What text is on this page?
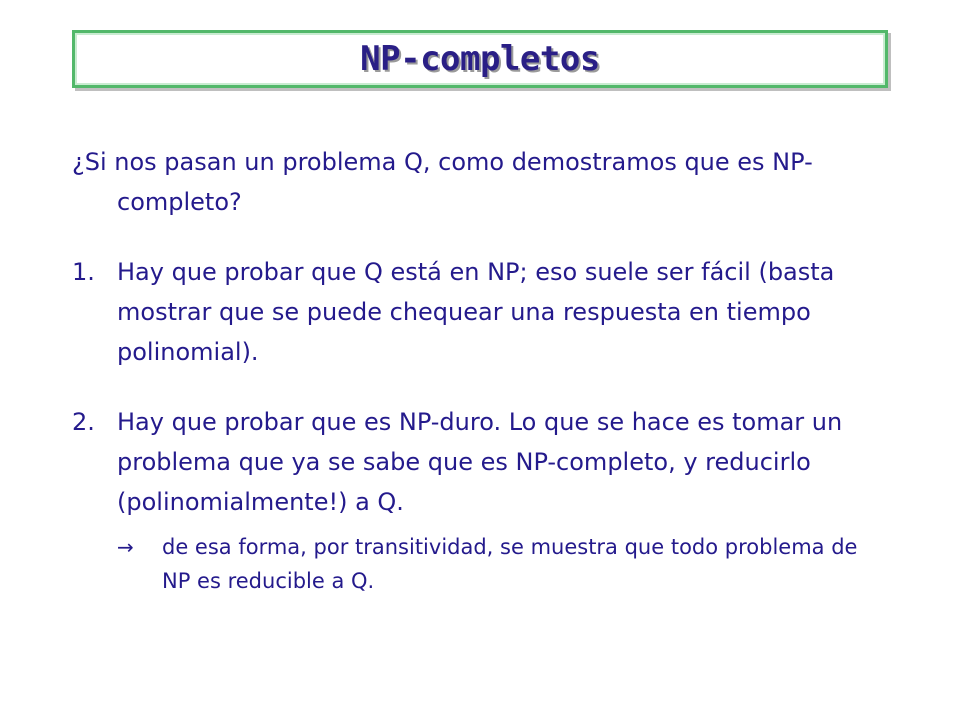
NP-completos

¿Si nos pasan un problema Q, como demostramos que es NP-completo?

1. Hay que probar que Q está en NP; eso suele ser fácil (basta mostrar que se puede chequear una respuesta en tiempo polinomial).
2. Hay que probar que es NP-duro. Lo que se hace es tomar un problema que ya se sabe que es NP-completo, y reducirlo (polinomialmente!) a Q.
→	de esa forma, por transitividad, se muestra que todo problema de NP es reducible a Q.
